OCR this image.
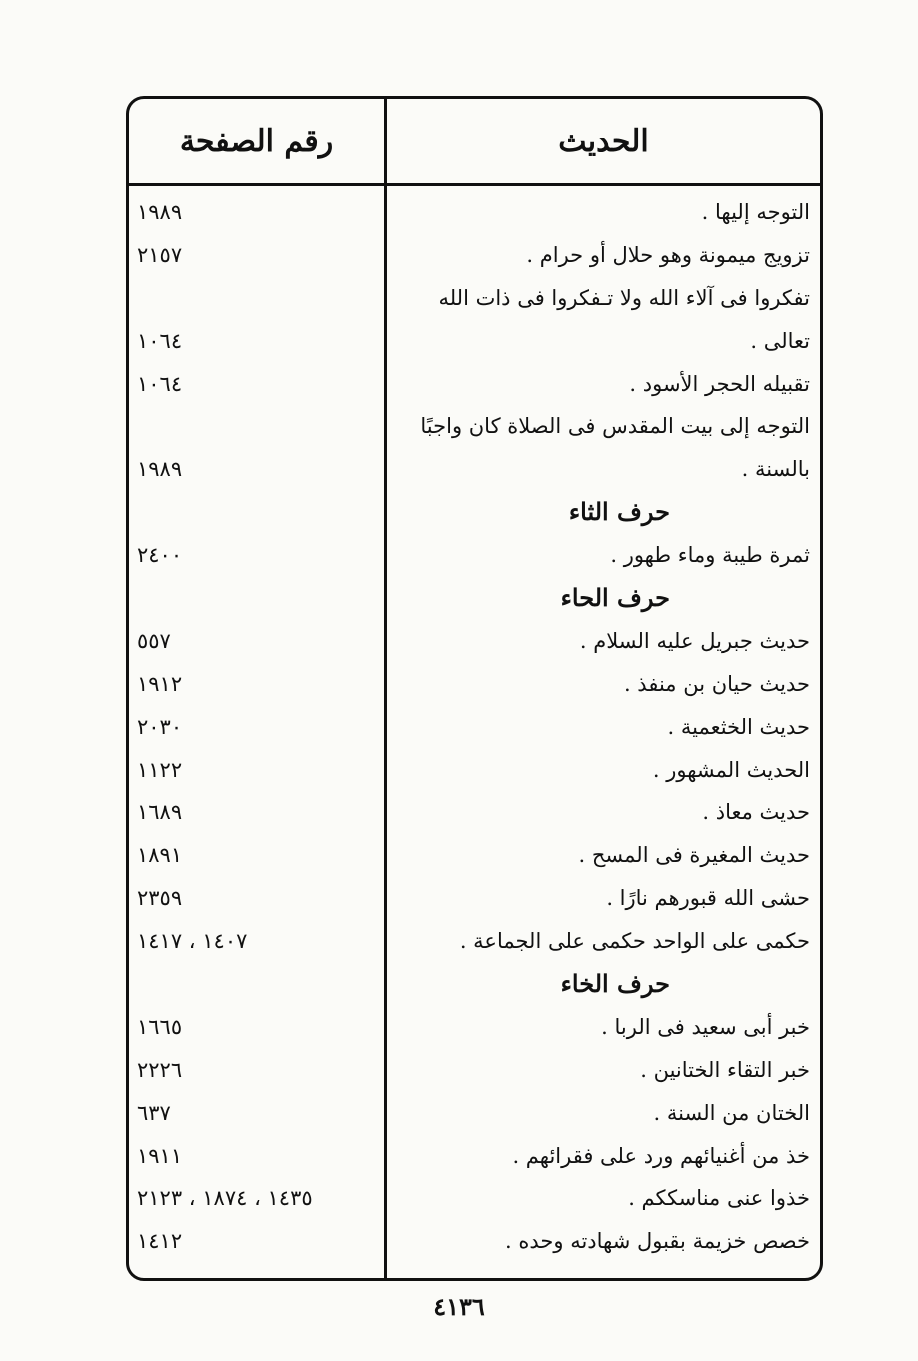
الحديث
رقم الصفحة
التوجه إليها .
١٩٨٩
تزويج ميمونة وهو حلال أو حرام .
٢١٥٧
تفكروا فى آلاء الله ولا تـفكروا فى ذات الله
تعالى .
١٠٦٤
تقبيله الحجر الأسود .
١٠٦٤
التوجه إلى بيت المقدس فى الصلاة كان واجبًا
بالسنة .
١٩٨٩
حرف الثاء
ثمرة طيبة وماء طهور .
٢٤٠٠
حرف الحاء
حديث جبريل عليه السلام .
٥٥٧
حديث حيان بن منفذ .
١٩١٢
حديث الخثعمية .
٢٠٣٠
الحديث المشهور .
١١٢٢
حديث معاذ .
١٦٨٩
حديث المغيرة فى المسح .
١٨٩١
حشى الله قبورهم نارًا .
٢٣٥٩
حكمى على الواحد حكمى على الجماعة .
١٤٠٧ ، ١٤١٧
حرف الخاء
خبر أبى سعيد فى الربا .
١٦٦٥
خبر التقاء الختانين .
٢٢٢٦
الختان من السنة .
٦٣٧
خذ من أغنيائهم ورد على فقرائهم .
١٩١١
خذوا عنى مناسككم .
١٤٣٥ ، ١٨٧٤ ، ٢١٢٣
خصص خزيمة بقبول شهادته وحده .
١٤١٢
٤١٣٦
